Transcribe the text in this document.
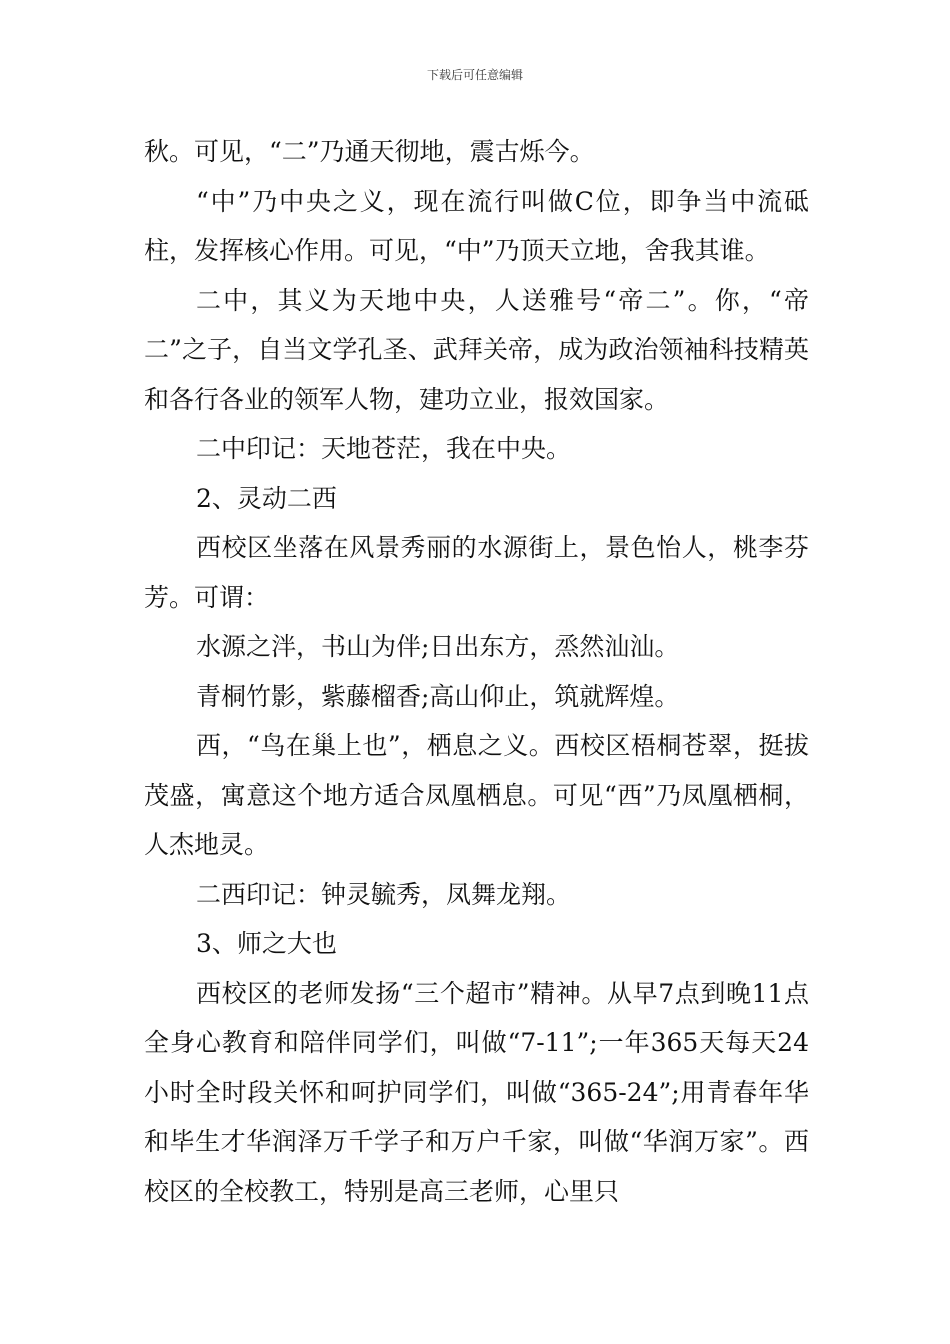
下载后可任意编辑

秋。可见，“二”乃通天彻地，震古烁今。

“中”乃中央之义，现在流行叫做C位，即争当中流砥柱，发挥核心作用。可见，“中”乃顶天立地，舍我其谁。

二中，其义为天地中央，人送雅号“帝二”。你，“帝二”之子，自当文学孔圣、武拜关帝，成为政治领袖科技精英和各行各业的领军人物，建功立业，报效国家。

二中印记：天地苍茫，我在中央。

2、灵动二西

西校区坐落在风景秀丽的水源街上，景色怡人，桃李芬芳。可谓：

水源之泮，书山为伴;日出东方，烝然汕汕。

青桐竹影，紫藤榴香;高山仰止，筑就辉煌。

西，“鸟在巢上也”，栖息之义。西校区梧桐苍翠，挺拔茂盛，寓意这个地方适合凤凰栖息。可见“西”乃凤凰栖桐，人杰地灵。

二西印记：钟灵毓秀，凤舞龙翔。

3、师之大也

西校区的老师发扬“三个超市”精神。从早7点到晚11点全身心教育和陪伴同学们，叫做“7-11”;一年365天每天24小时全时段关怀和呵护同学们，叫做“365-24”;用青春年华和毕生才华润泽万千学子和万户千家，叫做“华润万家”。西校区的全校教工，特别是高三老师，心里只
